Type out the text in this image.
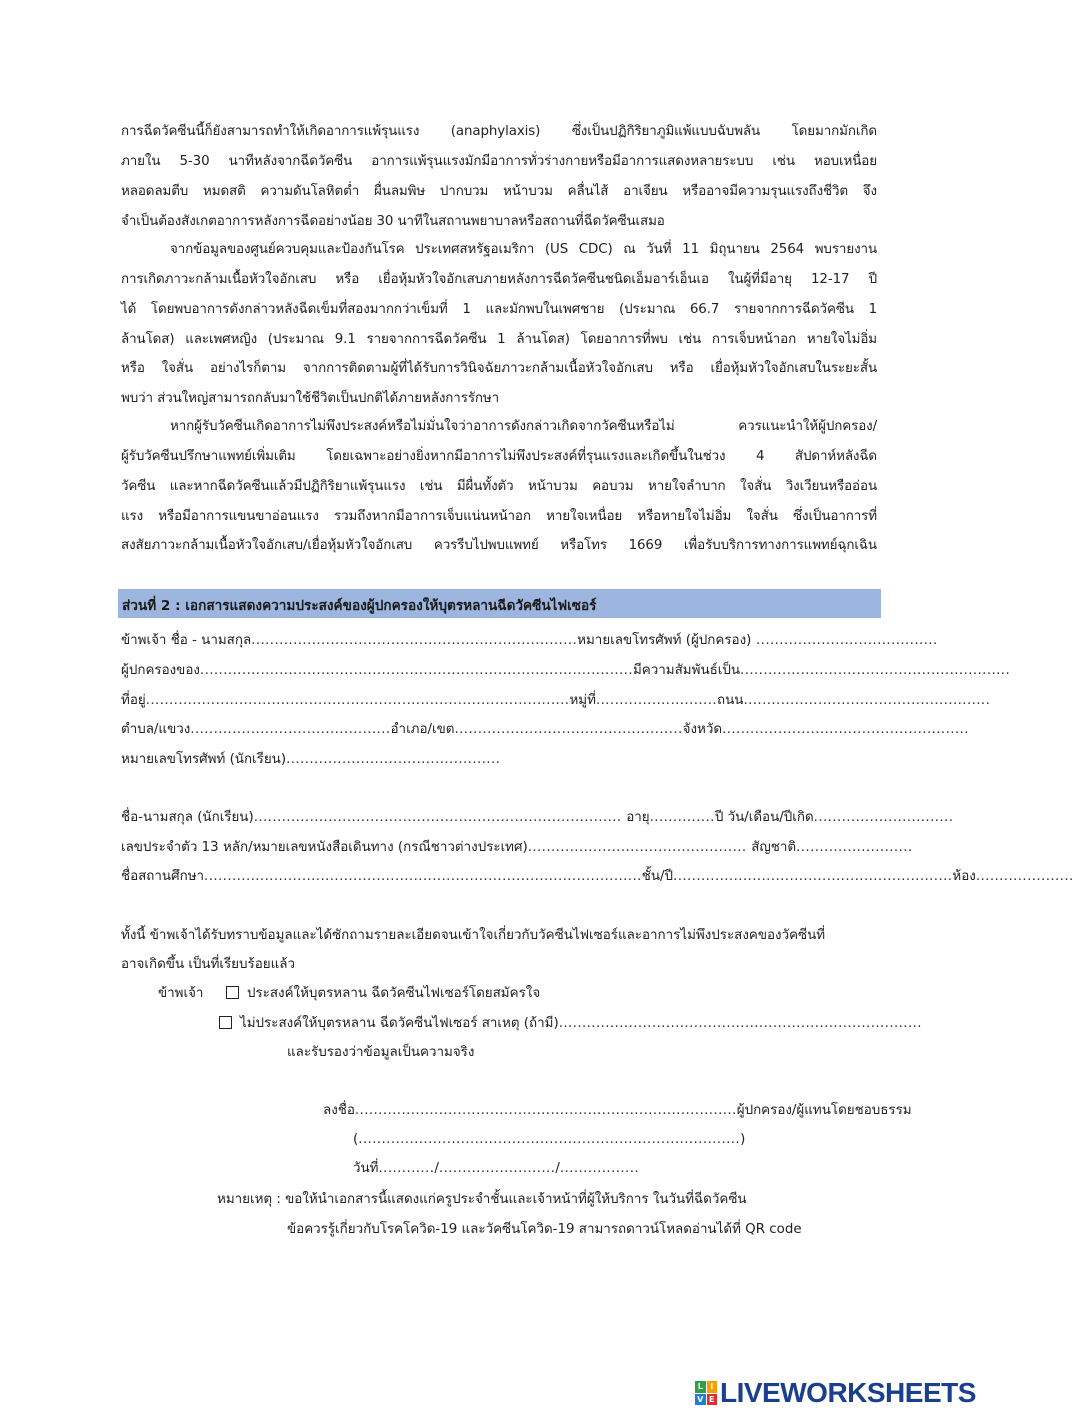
การฉีดวัคซีนนี้ก็ยังสามารถทำให้เกิดอาการแพ้รุนแรง (anaphylaxis) ซึ่งเป็นปฏิกิริยาภูมิแพ้แบบฉับพลัน โดยมากมักเกิด
ภายใน 5-30 นาทีหลังจากฉีดวัคซีน อาการแพ้รุนแรงมักมีอาการทั่วร่างกายหรือมีอาการแสดงหลายระบบ เช่น หอบเหนื่อย
หลอดลมตีบ หมดสติ ความดันโลหิตต่ำ ผื่นลมพิษ ปากบวม หน้าบวม คลื่นไส้ อาเจียน หรืออาจมีความรุนแรงถึงชีวิต จึง
จำเป็นต้องสังเกตอาการหลังการฉีดอย่างน้อย 30 นาทีในสถานพยาบาลหรือสถานที่ฉีดวัคซีนเสมอ
จากข้อมูลของศูนย์ควบคุมและป้องกันโรค ประเทศสหรัฐอเมริกา (US CDC) ณ วันที่ 11 มิถุนายน 2564 พบรายงาน
การเกิดภาวะกล้ามเนื้อหัวใจอักเสบ หรือ เยื่อหุ้มหัวใจอักเสบภายหลังการฉีดวัคซีนชนิดเอ็มอาร์เอ็นเอ ในผู้ที่มีอายุ 12-17 ปี
ได้ โดยพบอาการดังกล่าวหลังฉีดเข็มที่สองมากกว่าเข็มที่ 1 และมักพบในเพศชาย (ประมาณ 66.7 รายจากการฉีดวัคซีน 1
ล้านโดส) และเพศหญิง (ประมาณ 9.1 รายจากการฉีดวัคซีน 1 ล้านโดส) โดยอาการที่พบ เช่น การเจ็บหน้าอก หายใจไม่อิ่ม
หรือ ใจสั่น อย่างไรก็ตาม จากการติดตามผู้ที่ได้รับการวินิจฉัยภาวะกล้ามเนื้อหัวใจอักเสบ หรือ เยื่อหุ้มหัวใจอักเสบในระยะสั้น
พบว่า ส่วนใหญ่สามารถกลับมาใช้ชีวิตเป็นปกติได้ภายหลังการรักษา
หากผู้รับวัคซีนเกิดอาการไม่พึงประสงค์หรือไม่มั่นใจว่าอาการดังกล่าวเกิดจากวัคซีนหรือไม่ ควรแนะนำให้ผู้ปกครอง/
ผู้รับวัคซีนปรึกษาแพทย์เพิ่มเติม โดยเฉพาะอย่างยิ่งหากมีอาการไม่พึงประสงค์ที่รุนแรงและเกิดขึ้นในช่วง 4 สัปดาห์หลังฉีด
วัคซีน และหากฉีดวัคซีนแล้วมีปฏิกิริยาแพ้รุนแรง เช่น มีผื่นทั้งตัว หน้าบวม คอบวม หายใจลำบาก ใจสั่น วิงเวียนหรืออ่อน
แรง หรือมีอาการแขนขาอ่อนแรง รวมถึงหากมีอาการเจ็บแน่นหน้าอก หายใจเหนื่อย หรือหายใจไม่อิ่ม ใจสั่น ซึ่งเป็นอาการที่
สงสัยภาวะกล้ามเนื้อหัวใจอักเสบ/เยื่อหุ้มหัวใจอักเสบ ควรรีบไปพบแพทย์ หรือโทร 1669 เพื่อรับบริการทางการแพทย์ฉุกเฉิน
ส่วนที่ 2 : เอกสารแสดงความประสงค์ของผู้ปกครองให้บุตรหลานฉีดวัคซีนไฟเซอร์
ข้าพเจ้า ชื่อ - นามสกุล......................................................................หมายเลขโทรศัพท์ (ผู้ปกครอง) .......................................
ผู้ปกครองของ.............................................................................................มีความสัมพันธ์เป็น..........................................................
ที่อยู่...........................................................................................หมู่ที่..........................ถนน.....................................................
ตำบล/แขวง...........................................อำเภอ/เขต.................................................จังหวัด.....................................................
หมายเลขโทรศัพท์ (นักเรียน)..............................................
ชื่อ-นามสกุล (นักเรียน)............................................................................... อายุ..............ปี วัน/เดือน/ปีเกิด..............................
เลขประจำตัว 13 หลัก/หมายเลขหนังสือเดินทาง (กรณีชาวต่างประเทศ)............................................... สัญชาติ.........................
ชื่อสถานศึกษา..............................................................................................ชั้น/ปี............................................................ห้อง.....................
ทั้งนี้ ข้าพเจ้าได้รับทราบข้อมูลและได้ซักถามรายละเอียดจนเข้าใจเกี่ยวกับวัคซีนไฟเซอร์และอาการไม่พึงประสงคของวัคซีนที่
อาจเกิดขึ้น เป็นที่เรียบร้อยแล้ว
ข้าพเจ้า	ประสงค์ให้บุตรหลาน ฉีดวัคซีนไฟเซอร์โดยสมัครใจ
ไม่ประสงค์ให้บุตรหลาน ฉีดวัคซีนไฟเซอร์ สาเหตุ (ถ้ามี)..............................................................................
และรับรองว่าข้อมูลเป็นความจริง
ลงชื่อ..................................................................................ผู้ปกครอง/ผู้แทนโดยชอบธรรม
(..................................................................................)
วันที่............/........................./.................
หมายเหตุ : ขอให้นำเอกสารนี้แสดงแก่ครูประจำชั้นและเจ้าหน้าที่ผู้ให้บริการ ในวันที่ฉีดวัคซีน
ข้อควรรู้เกี่ยวกับโรคโควิด-19 และวัคซีนโควิด-19 สามารถดาวน์โหลดอ่านได้ที่ QR code
L I
V E LIVEWORKSHEETS
